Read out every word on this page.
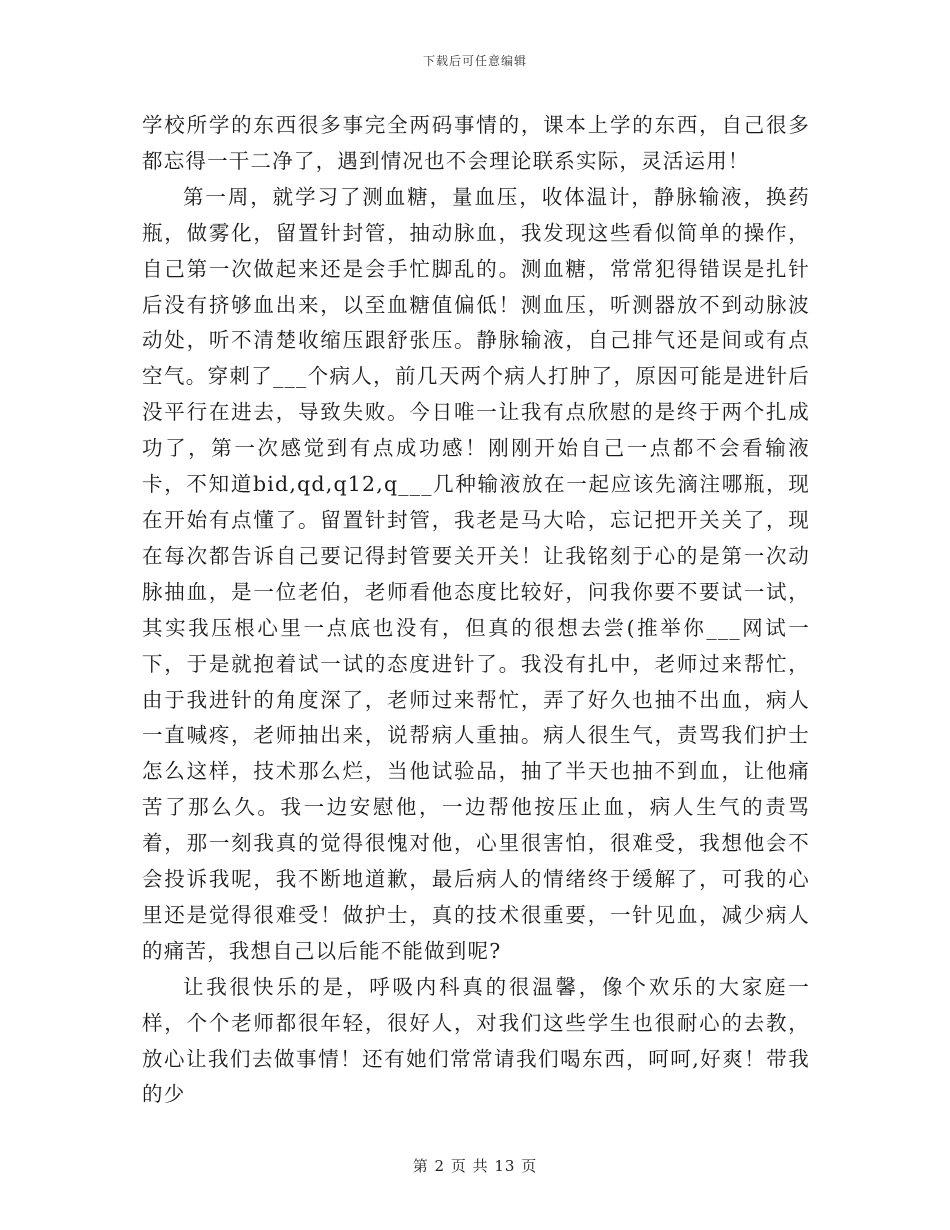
下载后可任意编辑

学校所学的东西很多事完全两码事情的，课本上学的东西，自己很多都忘得一干二净了，遇到情况也不会理论联系实际，灵活运用！

第一周，就学习了测血糖，量血压，收体温计，静脉输液，换药瓶，做雾化，留置针封管，抽动脉血，我发现这些看似简单的操作，自己第一次做起来还是会手忙脚乱的。测血糖，常常犯得错误是扎针后没有挤够血出来，以至血糖值偏低！测血压，听测器放不到动脉波动处，听不清楚收缩压跟舒张压。静脉输液，自己排气还是间或有点空气。穿刺了___个病人，前几天两个病人打肿了，原因可能是进针后没平行在进去，导致失败。今日唯一让我有点欣慰的是终于两个扎成功了，第一次感觉到有点成功感！刚刚开始自己一点都不会看输液卡，不知道bid,qd,q12,q___几种输液放在一起应该先滴注哪瓶，现在开始有点懂了。留置针封管，我老是马大哈，忘记把开关关了，现在每次都告诉自己要记得封管要关开关！让我铭刻于心的是第一次动脉抽血，是一位老伯，老师看他态度比较好，问我你要不要试一试，其实我压根心里一点底也没有，但真的很想去尝(推举你___网试一下，于是就抱着试一试的态度进针了。我没有扎中，老师过来帮忙，由于我进针的角度深了，老师过来帮忙，弄了好久也抽不出血，病人一直喊疼，老师抽出来，说帮病人重抽。病人很生气，责骂我们护士怎么这样，技术那么烂，当他试验品，抽了半天也抽不到血，让他痛苦了那么久。我一边安慰他，一边帮他按压止血，病人生气的责骂着，那一刻我真的觉得很愧对他，心里很害怕，很难受，我想他会不会投诉我呢，我不断地道歉，最后病人的情绪终于缓解了，可我的心里还是觉得很难受！做护士，真的技术很重要，一针见血，减少病人的痛苦，我想自己以后能不能做到呢?

让我很快乐的是，呼吸内科真的很温馨，像个欢乐的大家庭一样，个个老师都很年轻，很好人，对我们这些学生也很耐心的去教，放心让我们去做事情！还有她们常常请我们喝东西，呵呵,好爽！带我的少

第 2 页 共 13 页
